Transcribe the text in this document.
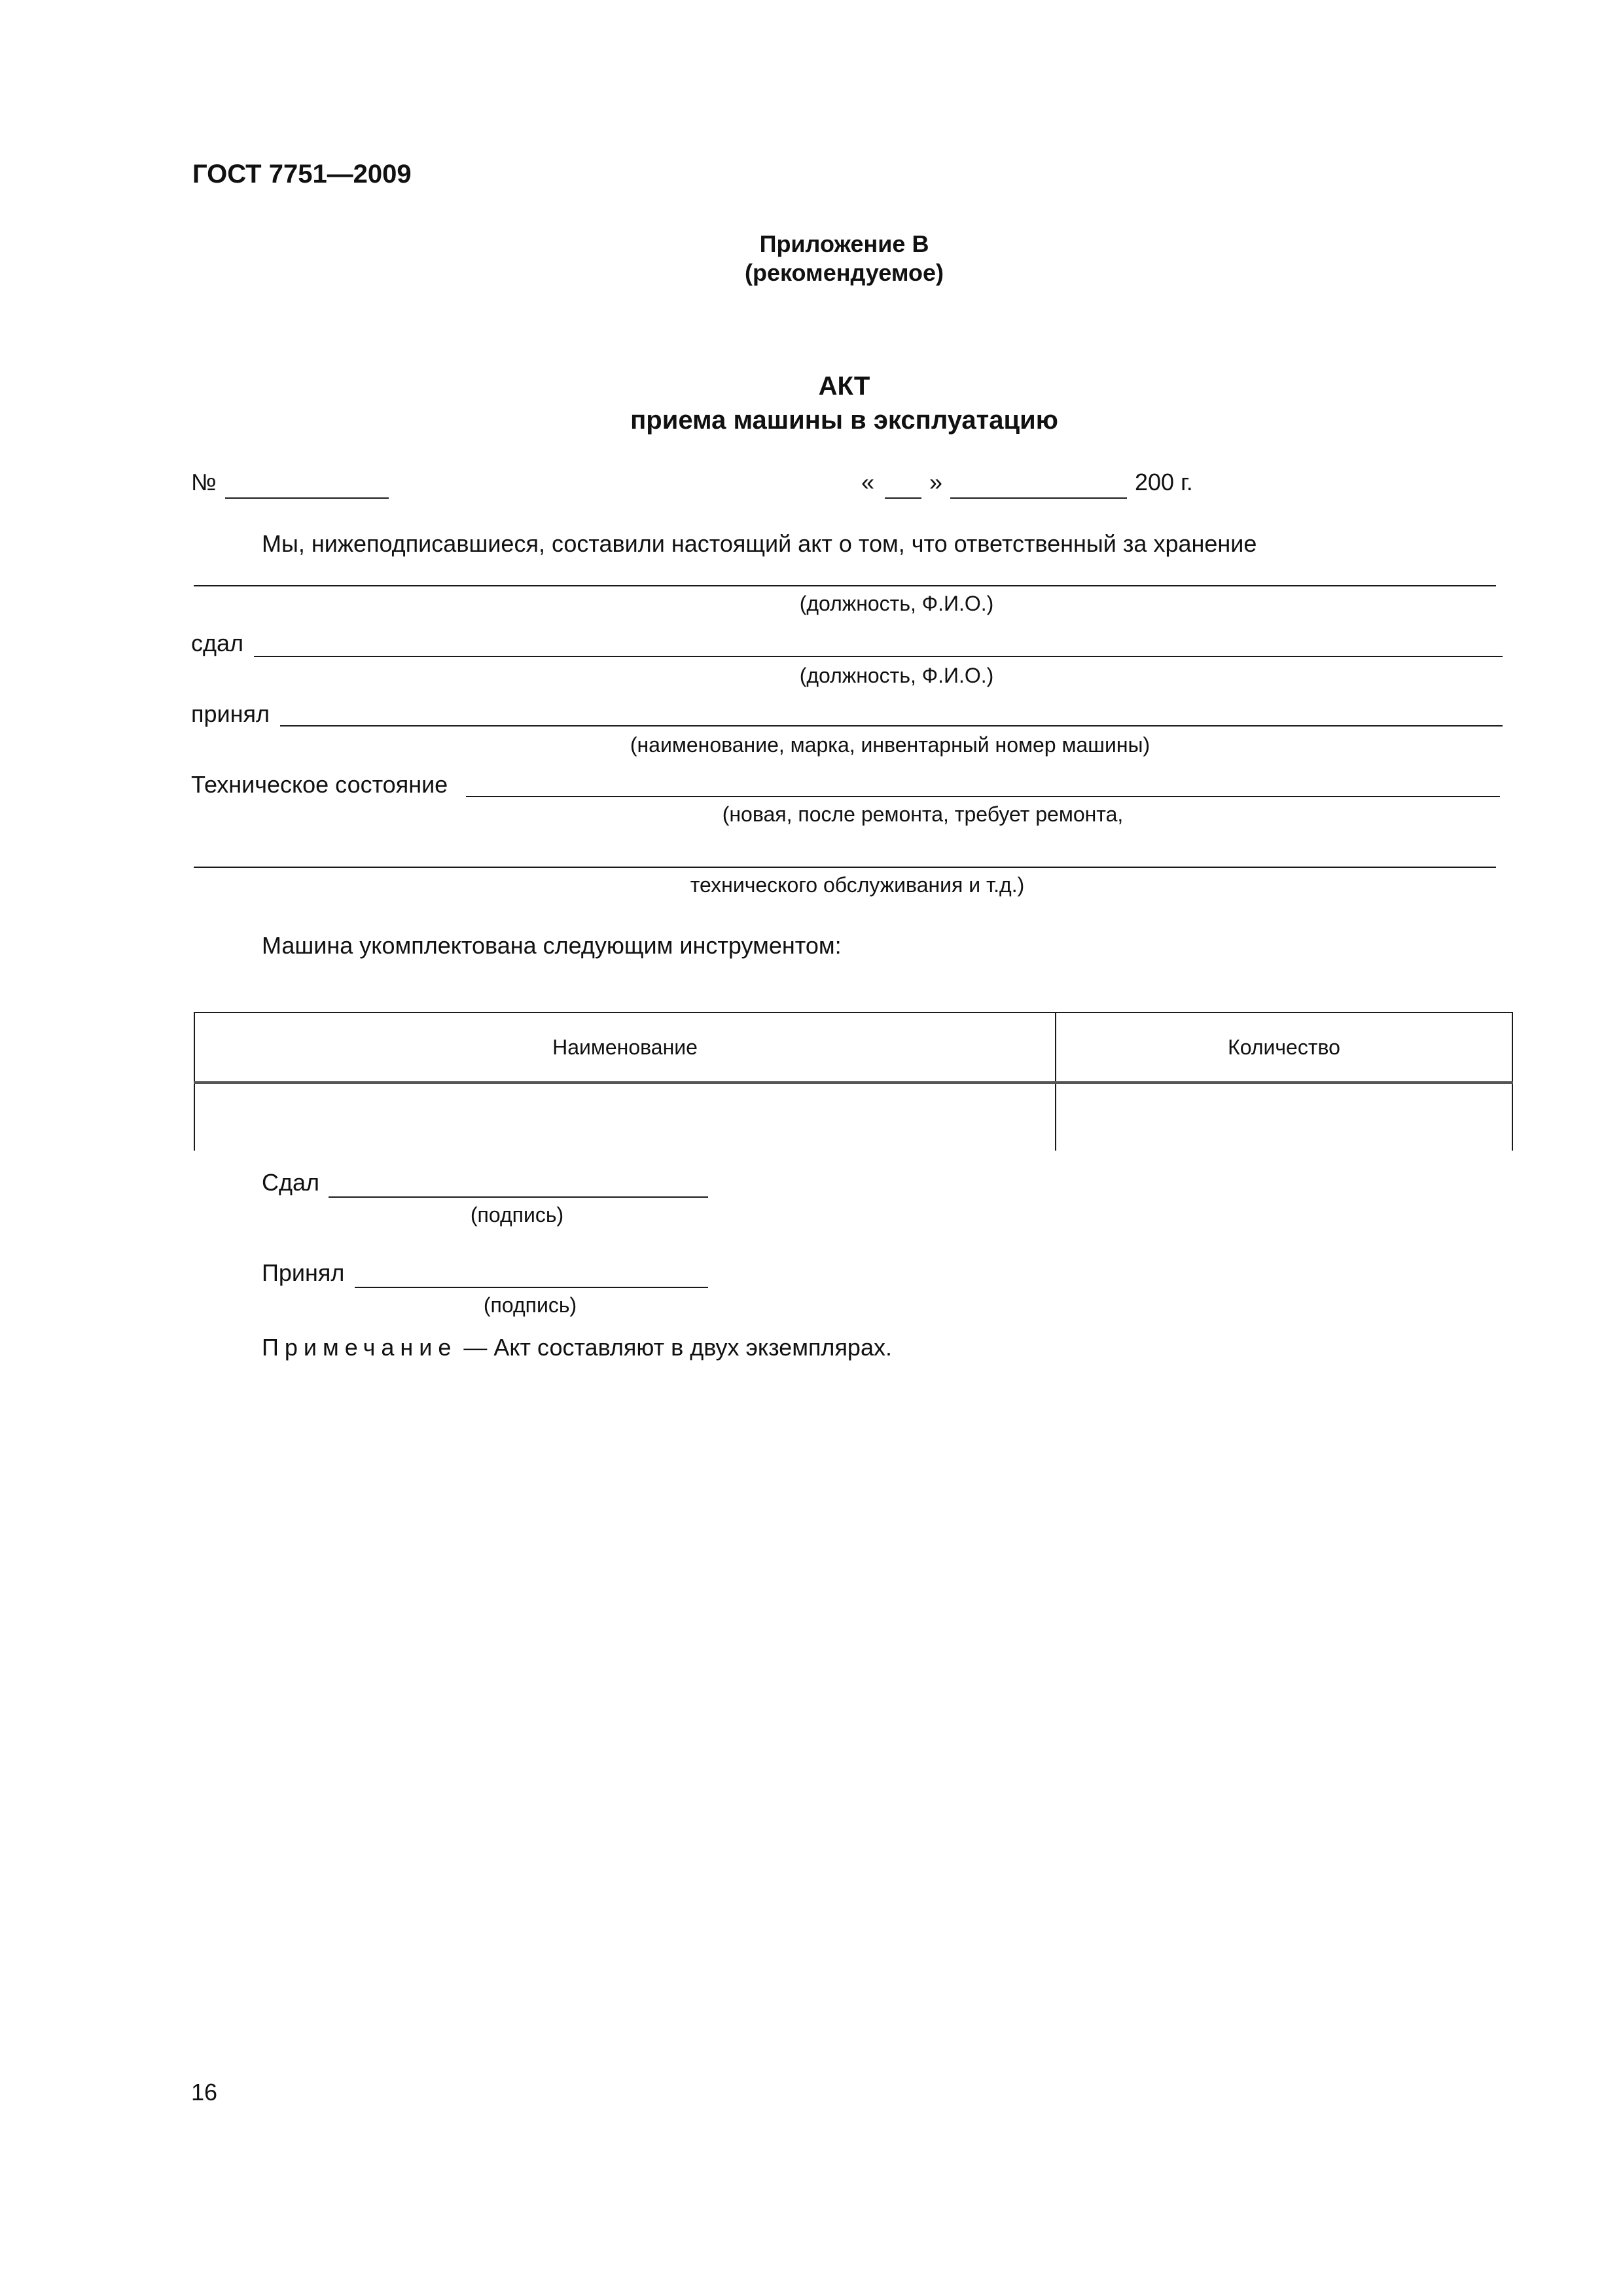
ГОСТ 7751—2009
Приложение В
(рекомендуемое)
АКТ
приема машины в эксплуатацию
№	« »	200 г.
Мы, нижеподписавшиеся, составили настоящий акт о том, что ответственный за хранение
(должность, Ф.И.О.)
сдал
(должность, Ф.И.О.)
принял
(наименование, марка, инвентарный номер машины)
Техническое состояние
(новая, после ремонта, требует ремонта,
технического обслуживания и т.д.)
Машина укомплектована следующим инструментом:
Наименование	Количество

Сдал
(подпись)
Принял
(подпись)
Примечание — Акт составляют в двух экземплярах.
16
